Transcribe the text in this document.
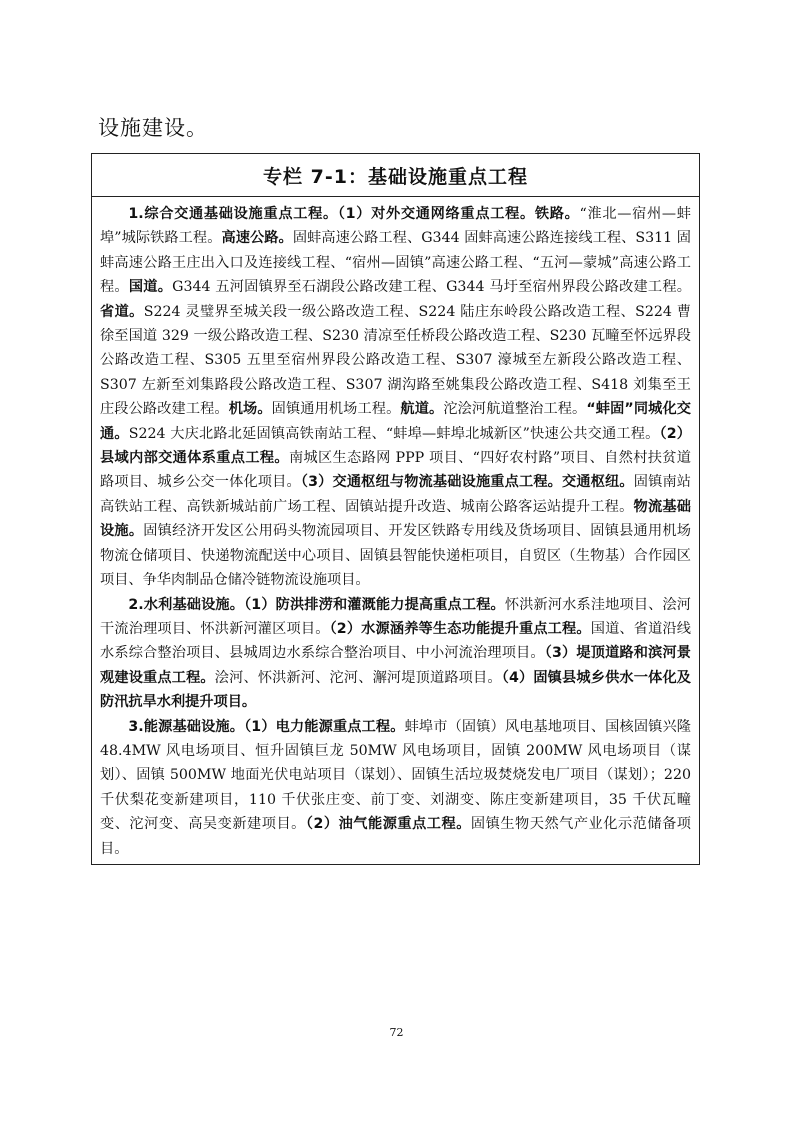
设施建设。
专栏 7-1：基础设施重点工程

1.综合交通基础设施重点工程。（1）对外交通网络重点工程。铁路。“淮北—宿州—蚌埠”城际铁路工程。高速公路。固蚌高速公路工程、G344 固蚌高速公路连接线工程、S311 固蚌高速公路王庄出入口及连接线工程、“宿州—固镇”高速公路工程、“五河—蒙城”高速公路工程。国道。G344 五河固镇界至石湖段公路改建工程、G344 马圩至宿州界段公路改建工程。省道。S224 灵璧界至城关段一级公路改造工程、S224 陆庄东岭段公路改造工程、S224 曹徐至国道 329 一级公路改造工程、S230 清凉至任桥段公路改造工程、S230 瓦疃至怀远界段公路改造工程、S305 五里至宿州界段公路改造工程、S307 濠城至左新段公路改造工程、S307 左新至刘集路段公路改造工程、S307 湖沟路至姚集段公路改造工程、S418 刘集至王庄段公路改建工程。机场。固镇通用机场工程。航道。沱浍河航道整治工程。“蚌固”同城化交通。S224 大庆北路北延固镇高铁南站工程、“蚌埠—蚌埠北城新区”快速公共交通工程。（2）县域内部交通体系重点工程。南城区生态路网 PPP 项目、“四好农村路”项目、自然村扶贫道路项目、城乡公交一体化项目。（3）交通枢纽与物流基础设施重点工程。交通枢纽。固镇南站高铁站工程、高铁新城站前广场工程、固镇站提升改造、城南公路客运站提升工程。物流基础设施。固镇经济开发区公用码头物流园项目、开发区铁路专用线及货场项目、固镇县通用机场物流仓储项目、快递物流配送中心项目、固镇县智能快递柜项目，自贸区（生物基）合作园区项目、争华肉制品仓储冷链物流设施项目。

2.水利基础设施。（1）防洪排涝和灌溉能力提高重点工程。怀洪新河水系洼地项目、浍河干流治理项目、怀洪新河灌区项目。（2）水源涵养等生态功能提升重点工程。国道、省道沿线水系综合整治项目、县城周边水系综合整治项目、中小河流治理项目。（3）堤顶道路和滨河景观建设重点工程。浍河、怀洪新河、沱河、澥河堤顶道路项目。（4）固镇县城乡供水一体化及防汛抗旱水利提升项目。

3.能源基础设施。（1）电力能源重点工程。蚌埠市（固镇）风电基地项目、国核固镇兴隆 48.4MW 风电场项目、恒升固镇巨龙 50MW 风电场项目，固镇 200MW 风电场项目（谋划）、固镇 500MW 地面光伏电站项目（谋划）、固镇生活垃圾焚烧发电厂项目（谋划）；220 千伏梨花变新建项目，110 千伏张庄变、前丁变、刘湖变、陈庄变新建项目，35 千伏瓦疃变、沱河变、高吴变新建项目。（2）油气能源重点工程。固镇生物天然气产业化示范储备项目。

72
